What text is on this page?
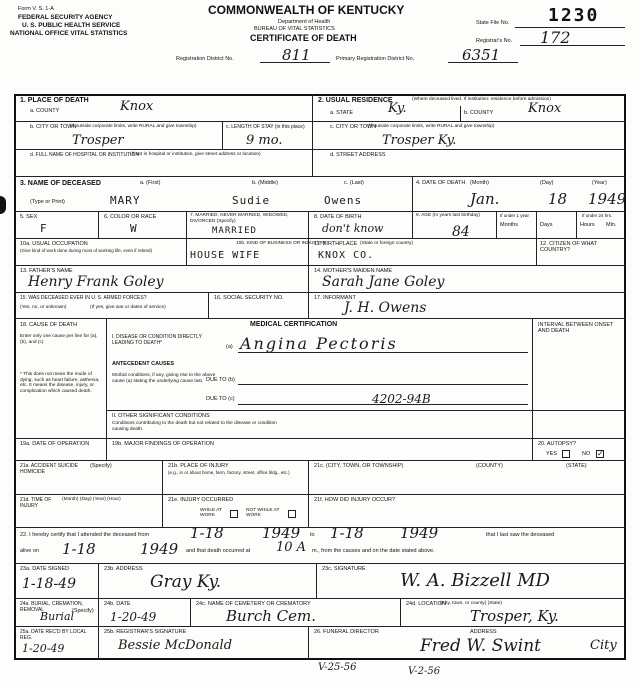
Form V. S. 1-A
FEDERAL SECURITY AGENCY
U. S. PUBLIC HEALTH SERVICE
NATIONAL OFFICE VITAL STATISTICS
COMMONWEALTH OF KENTUCKY
Department of Health
BUREAU OF VITAL STATISTICS
CERTIFICATE OF DEATH
State File No. 1230
Registrar's No. 172
Registration District No.	811	Primary Registration District No.	6351
1. PLACE OF DEATH
a. COUNTY	Knox
b. CITY OR TOWN
(If outside corporate limits, write RURAL and give township)
Trosper
c. LENGTH OF STAY (in this place)
9 mo.
d. FULL NAME OF HOSPITAL OR INSTITUTION
(If not in hospital or institution, give street address or location)
2. USUAL RESIDENCE	(Where deceased lived. If institution: residence before admission)
a. STATE	Ky.	b. COUNTY	Knox
c. CITY OR TOWN
(If outside corporate limits, write RURAL and give township)
Trosper Ky.
d. STREET ADDRESS
3. NAME OF DECEASED
(Type or Print)
a. (First)
MARY
b. (Middle)
Sudie
c. (Last)
Owens
4. DATE OF DEATH (Month)	(Day)	(Year)
Jan.	18 1949
5. SEX
F
6. COLOR OR RACE
W
7. MARRIED, NEVER MARRIED, WIDOWED, DIVORCED (Specify)
MARRIED
8. DATE OF BIRTH
don't know
9. AGE (In years last birthday)
84
If under 1 year	If under 24 hrs.
Months	Days	Hours Min.
10a. USUAL OCCUPATION
(Give kind of work done during most of working life, even if retired)	HOUSE WIFE
10b. KIND OF BUSINESS OR INDUSTRY
11. BIRTHPLACE (State or foreign country)
KNOX CO.
12. CITIZEN OF WHAT COUNTRY?
13. FATHER'S NAME
Henry Frank Goley
14. MOTHER'S MAIDEN NAME
Sarah Jane Goley
15. WAS DECEASED EVER IN U. S. ARMED FORCES?
(Yes, no, or unknown)	(If yes, give war or dates of service)
16. SOCIAL SECURITY NO.	17. INFORMANT
J. H. Owens
MEDICAL CERTIFICATION
18. CAUSE OF DEATH
Enter only one cause per line for (a), (b), and (c)
* This does not mean the mode of dying, such as heart failure, asthenia, etc. It means the disease, injury, or complication which caused death.
I. DISEASE OR CONDITION DIRECTLY LEADING TO DEATH*
(a) Angina Pectoris
ANTECEDENT CAUSES
Morbid conditions, if any, giving rise to the above cause (a) stating the underlying cause last. DUE TO (b)
DUE TO (c)	4202-94B
II. OTHER SIGNIFICANT CONDITIONS
Conditions contributing to the death but not related to the disease or condition causing death.
INTERVAL BETWEEN ONSET AND DEATH
19a. DATE OF OPERATION	19b. MAJOR FINDINGS OF OPERATION	20. AUTOPSY?
YES	NO ✓
21a. ACCIDENT SUICIDE HOMICIDE
(Specify)	21b. PLACE OF INJURY
(e.g., in or about home, farm, factory, street, office bldg., etc.)
21c. (CITY, TOWN, OR TOWNSHIP)	(COUNTY)	(STATE)
21d. TIME OF INJURY
(Month) (Day) (Year) (Hour)	21e. INJURY OCCURRED
WHILE AT WORK
NOT WHILE AT WORK
21f. HOW DID INJURY OCCUR?
22. I hereby certify that I attended the deceased from	1-18	1949 to 1-18 1949	that I last saw the deceased
alive on 1-18	1949 and that death occurred at 10 A m., from the causes and on the date stated above.
23a. DATE SIGNED
1-18-49
23b. ADDRESS
Gray Ky.
23c. SIGNATURE
W. A. Bizzell MD
24a. BURIAL, CREMATION, REMOVAL	(Specify)
Burial
24b. DATE
1-20-49
24c. NAME OF CEMETERY OR CREMATORY
Burch Cem.
24d. LOCATION
(City, town, or county) (State)
Trosper, Ky.
25a. DATE REC'D BY LOCAL REG.
1-20-49
25b. REGISTRAR'S SIGNATURE
Bessie McDonald
26. FUNERAL DIRECTOR	ADDRESS
Fred W. Swint	City
V-25-56	V-2-56
